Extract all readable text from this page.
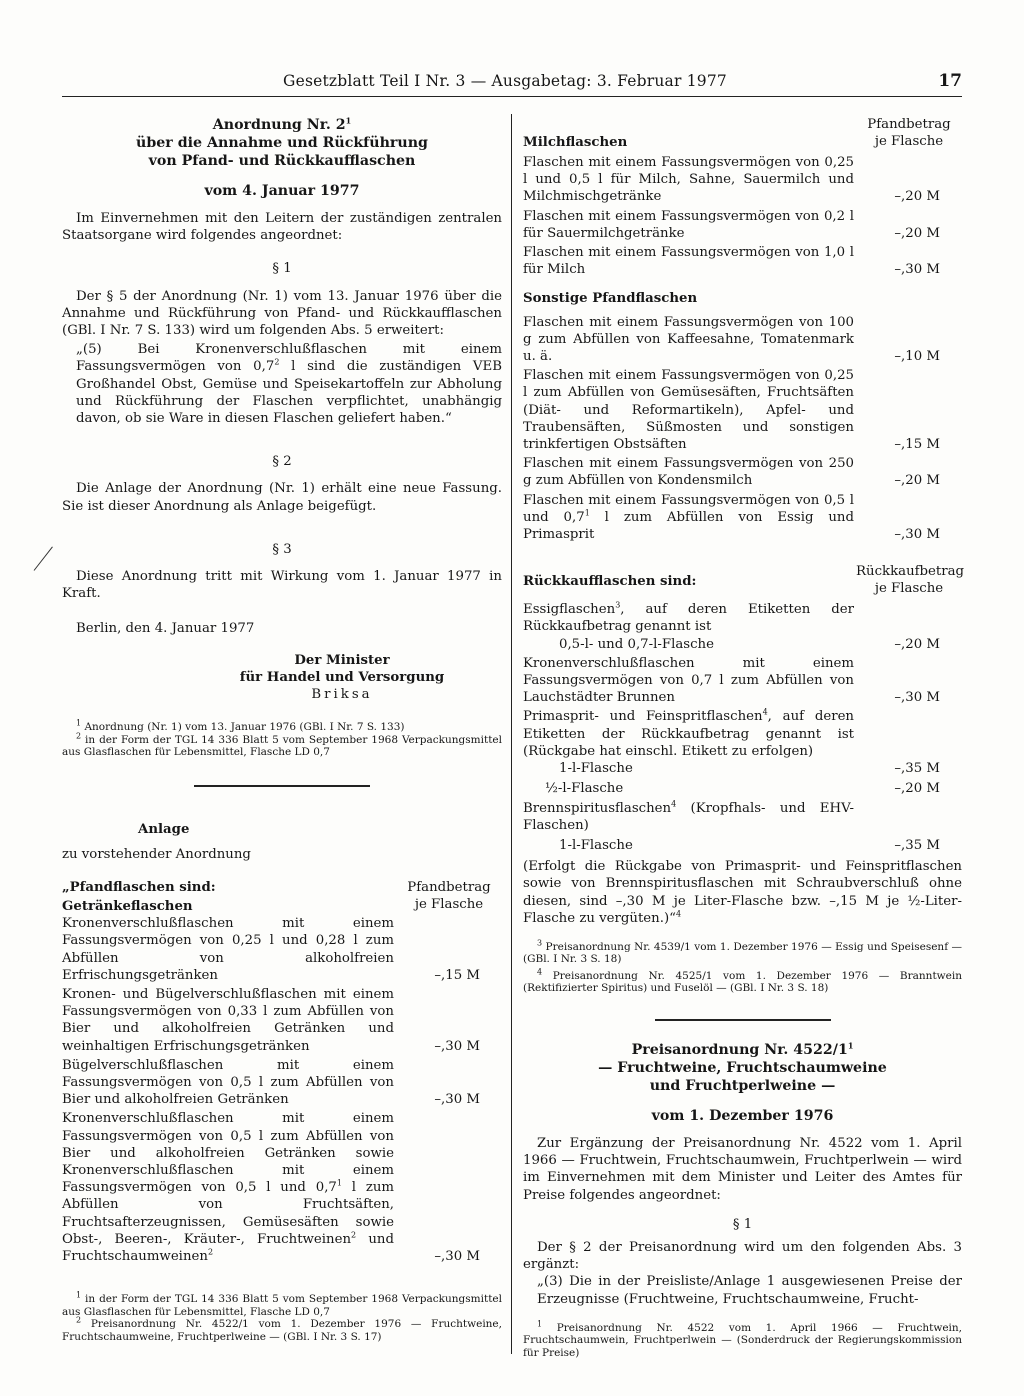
Gesetzblatt Teil I Nr. 3 — Ausgabetag: 3. Februar 1977	17
Anordnung Nr. $2^1$
über die Annahme und Rückführung
von Pfand- und Rückkaufflaschen
vom 4. Januar 1977
Im Einvernehmen mit den Leitern der zuständigen zentralen Staatsorgane wird folgendes angeordnet:
§ 1
Der § 5 der Anordnung (Nr. 1) vom 13. Januar 1976 über die Annahme und Rückführung von Pfand- und Rückkaufflaschen (GBl. I Nr. 7 S. 133) wird um folgenden Abs. 5 erweitert:
„(5) Bei Kronenverschlußflaschen mit einem Fassungsvermögen von $0,7^2$ l sind die zuständigen VEB Großhandel Obst, Gemüse und Speisekartoffeln zur Abholung und Rückführung der Flaschen verpflichtet, unabhängig davon, ob sie Ware in diesen Flaschen geliefert haben.“
§ 2
Die Anlage der Anordnung (Nr. 1) erhält eine neue Fassung. Sie ist dieser Anordnung als Anlage beigefügt.
§ 3
Diese Anordnung tritt mit Wirkung vom 1. Januar 1977 in Kraft.
Berlin, den 4. Januar 1977
Der Minister
für Handel und Versorgung
Briksa
$^1$ Anordnung (Nr. 1) vom 13. Januar 1976 (GBl. I Nr. 7 S. 133)
$^2$ in der Form der TGL 14 336 Blatt 5 vom September 1968 Verpackungsmittel aus Glasflaschen für Lebensmittel, Flasche LD 0,7
Anlage
zu vorstehender Anordnung
„Pfandflaschen sind:	Pfandbetrag
je Flasche
Getränkeflaschen
Kronenverschlußflaschen mit einem Fassungsvermögen von 0,25 l und 0,28 l zum Abfüllen von alkoholfreien Erfrischungsgetränken	–,15 M
Kronen- und Bügelverschlußflaschen mit einem Fassungsvermögen von 0,33 l zum Abfüllen von Bier und alkoholfreien Getränken und weinhaltigen Erfrischungsgetränken	–,30 M
Bügelverschlußflaschen mit einem Fassungsvermögen von 0,5 l zum Abfüllen von Bier und alkoholfreien Getränken	–,30 M
Kronenverschlußflaschen mit einem Fassungsvermögen von 0,5 l zum Abfüllen von Bier und alkoholfreien Getränken sowie Kronenverschlußflaschen mit einem Fassungsvermögen von 0,5 l und $0,7^1$ l zum Abfüllen von Fruchtsäften, Fruchtsafterzeugnissen, Gemüsesäften sowie Obst-, Beeren-, Kräuter-, Fruchtweinen$^2$ und Fruchtschaumweinen$^2$	–,30 M
$^1$ in der Form der TGL 14 336 Blatt 5 vom September 1968 Verpackungsmittel aus Glasflaschen für Lebensmittel, Flasche LD 0,7
$^2$ Preisanordnung Nr. 4522/1 vom 1. Dezember 1976 — Fruchtweine, Fruchtschaumweine, Fruchtperlweine — (GBl. I Nr. 3 S. 17)
Pfandbetrag
je Flasche
Milchflaschen
Flaschen mit einem Fassungsvermögen von 0,25 l und 0,5 l für Milch, Sahne, Sauermilch und Milchmischgetränke	–,20 M
Flaschen mit einem Fassungsvermögen von 0,2 l für Sauermilchgetränke	–,20 M
Flaschen mit einem Fassungsvermögen von 1,0 l für Milch	–,30 M
Sonstige Pfandflaschen
Flaschen mit einem Fassungsvermögen von 100 g zum Abfüllen von Kaffeesahne, Tomatenmark u. ä.	–,10 M
Flaschen mit einem Fassungsvermögen von 0,25 l zum Abfüllen von Gemüsesäften, Fruchtsäften (Diät- und Reformartikeln), Apfel- und Traubensäften, Süßmosten und sonstigen trinkfertigen Obstsäften	–,15 M
Flaschen mit einem Fassungsvermögen von 250 g zum Abfüllen von Kondensmilch	–,20 M
Flaschen mit einem Fassungsvermögen von 0,5 l und $0,7^1$ l zum Abfüllen von Essig und Primasprit	–,30 M
Rückkaufbetrag
je Flasche
Rückkaufflaschen sind:
Essigflaschen$^3$, auf deren Etiketten der Rückkaufbetrag genannt ist
0,5-l- und 0,7-l-Flasche	–,20 M
Kronenverschlußflaschen mit einem Fassungsvermögen von 0,7 l zum Abfüllen von Lauchstädter Brunnen	–,30 M
Primasprit- und Feinspritflaschen$^4$, auf deren Etiketten der Rückkaufbetrag genannt ist (Rückgabe hat einschl. Etikett zu erfolgen)
1-l-Flasche	–,35 M
½-l-Flasche	–,20 M
Brennspiritusflaschen$^4$ (Kropfhals- und EHV-Flaschen)
1-l-Flasche	–,35 M
(Erfolgt die Rückgabe von Primasprit- und Feinspritflaschen sowie von Brennspiritusflaschen mit Schraubverschluß ohne diesen, sind –,30 M je Liter-Flasche bzw. –,15 M je ½-Liter-Flasche zu vergüten.)“$^4$
$^3$ Preisanordnung Nr. 4539/1 vom 1. Dezember 1976 — Essig und Speisesenf — (GBl. I Nr. 3 S. 18)
$^4$ Preisanordnung Nr. 4525/1 vom 1. Dezember 1976 — Branntwein (Rektifizierter Spiritus) und Fuselöl — (GBl. I Nr. 3 S. 18)
Preisanordnung Nr. $4522/1^1$
— Fruchtweine, Fruchtschaumweine
und Fruchtperlweine —
vom 1. Dezember 1976
Zur Ergänzung der Preisanordnung Nr. 4522 vom 1. April 1966 — Fruchtwein, Fruchtschaumwein, Fruchtperlwein — wird im Einvernehmen mit dem Minister und Leiter des Amtes für Preise folgendes angeordnet:
§ 1
Der § 2 der Preisanordnung wird um den folgenden Abs. 3 ergänzt:
„(3) Die in der Preisliste/Anlage 1 ausgewiesenen Preise der Erzeugnisse (Fruchtweine, Fruchtschaumweine, Frucht-
$^1$ Preisanordnung Nr. 4522 vom 1. April 1966 — Fruchtwein, Fruchtschaumwein, Fruchtperlwein — (Sonderdruck der Regierungskommission für Preise)
